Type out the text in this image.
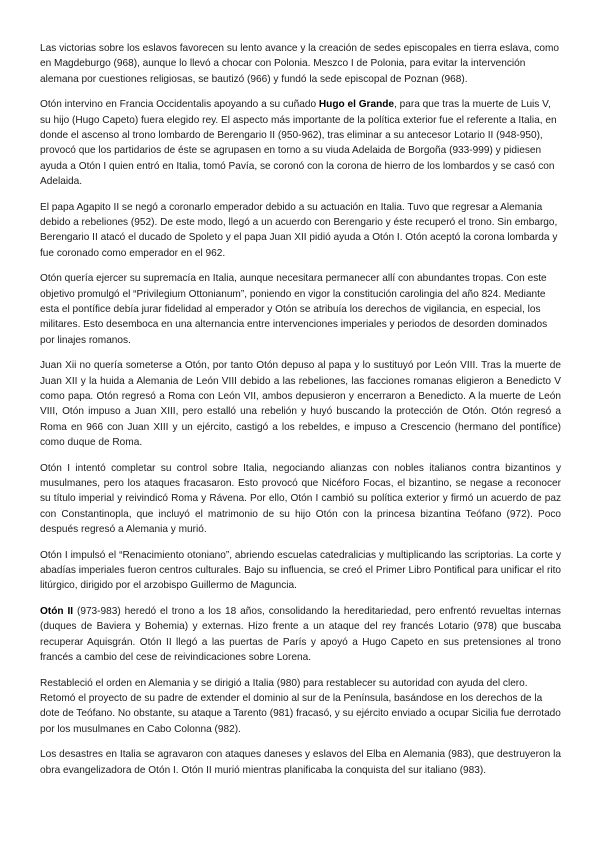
Las victorias sobre los eslavos favorecen su lento avance y la creación de sedes episcopales en tierra eslava, como en Magdeburgo (968), aunque lo llevó a chocar con Polonia. Meszco I de Polonia, para evitar la intervención alemana por cuestiones religiosas, se bautizó (966) y fundó la sede episcopal de Poznan (968).

Otón intervino en Francia Occidentalis apoyando a su cuñado Hugo el Grande, para que tras la muerte de Luis V, su hijo (Hugo Capeto) fuera elegido rey. El aspecto más importante de la política exterior fue el referente a Italia, en donde el ascenso al trono lombardo de Berengario II (950-962), tras eliminar a su antecesor Lotario II (948-950), provocó que los partidarios de éste se agrupasen en torno a su viuda Adelaida de Borgoña (933-999) y pidiesen ayuda a Otón I quien entró en Italia, tomó Pavía, se coronó con la corona de hierro de los lombardos y se casó con Adelaida.

El papa Agapito II se negó a coronarlo emperador debido a su actuación en Italia. Tuvo que regresar a Alemania debido a rebeliones (952). De este modo, llegó a un acuerdo con Berengario y éste recuperó el trono. Sin embargo, Berengario II atacó el ducado de Spoleto y el papa Juan XII pidió ayuda a Otón I. Otón aceptó la corona lombarda y fue coronado como emperador en el 962.

Otón quería ejercer su supremacía en Italia, aunque necesitara permanecer allí con abundantes tropas. Con este objetivo promulgó el “Privilegium Ottonianum”, poniendo en vigor la constitución carolingia del año 824. Mediante esta el pontífice debía jurar fidelidad al emperador y Otón se atribuía los derechos de vigilancia, en especial, los militares. Esto desemboca en una alternancia entre intervenciones imperiales y periodos de desorden dominados por linajes romanos.

Juan Xii no quería someterse a Otón, por tanto Otón depuso al papa y lo sustituyó por León VIII. Tras la muerte de Juan XII y la huida a Alemania de León VIII debido a las rebeliones, las facciones romanas eligieron a Benedicto V como papa. Otón regresó a Roma con León VII, ambos depusieron y encerraron a Benedicto. A la muerte de León VIII, Otón impuso a Juan XIII, pero estalló una rebelión y huyó buscando la protección de Otón. Otón regresó a Roma en 966 con Juan XIII y un ejército, castigó a los rebeldes, e impuso a Crescencio (hermano del pontífice) como duque de Roma.

Otón I intentó completar su control sobre Italia, negociando alianzas con nobles italianos contra bizantinos y musulmanes, pero los ataques fracasaron. Esto provocó que Nicéforo Focas, el bizantino, se negase a reconocer su título imperial y reivindicó Roma y Rávena. Por ello, Otón I cambió su política exterior y firmó un acuerdo de paz con Constantinopla, que incluyó el matrimonio de su hijo Otón con la princesa bizantina Teófano (972). Poco después regresó a Alemania y murió.

Otón I impulsó el “Renacimiento otoniano”, abriendo escuelas catedralicias y multiplicando las scriptorias. La corte y abadías imperiales fueron centros culturales. Bajo su influencia, se creó el Primer Libro Pontifical para unificar el rito litúrgico, dirigido por el arzobispo Guillermo de Maguncia.

Otón II (973-983) heredó el trono a los 18 años, consolidando la hereditariedad, pero enfrentó revueltas internas (duques de Baviera y Bohemia) y externas. Hizo frente a un ataque del rey francés Lotario (978) que buscaba recuperar Aquisgrán. Otón II llegó a las puertas de París y apoyó a Hugo Capeto en sus pretensiones al trono francés a cambio del cese de reivindicaciones sobre Lorena.

Restableció el orden en Alemania y se dirigió a Italia (980) para restablecer su autoridad con ayuda del clero. Retomó el proyecto de su padre de extender el dominio al sur de la Península, basándose en los derechos de la dote de Teófano. No obstante, su ataque a Tarento (981) fracasó, y su ejército enviado a ocupar Sicilia fue derrotado por los musulmanes en Cabo Colonna (982).

Los desastres en Italia se agravaron con ataques daneses y eslavos del Elba en Alemania (983), que destruyeron la obra evangelizadora de Otón I. Otón II murió mientras planificaba la conquista del sur italiano (983).
